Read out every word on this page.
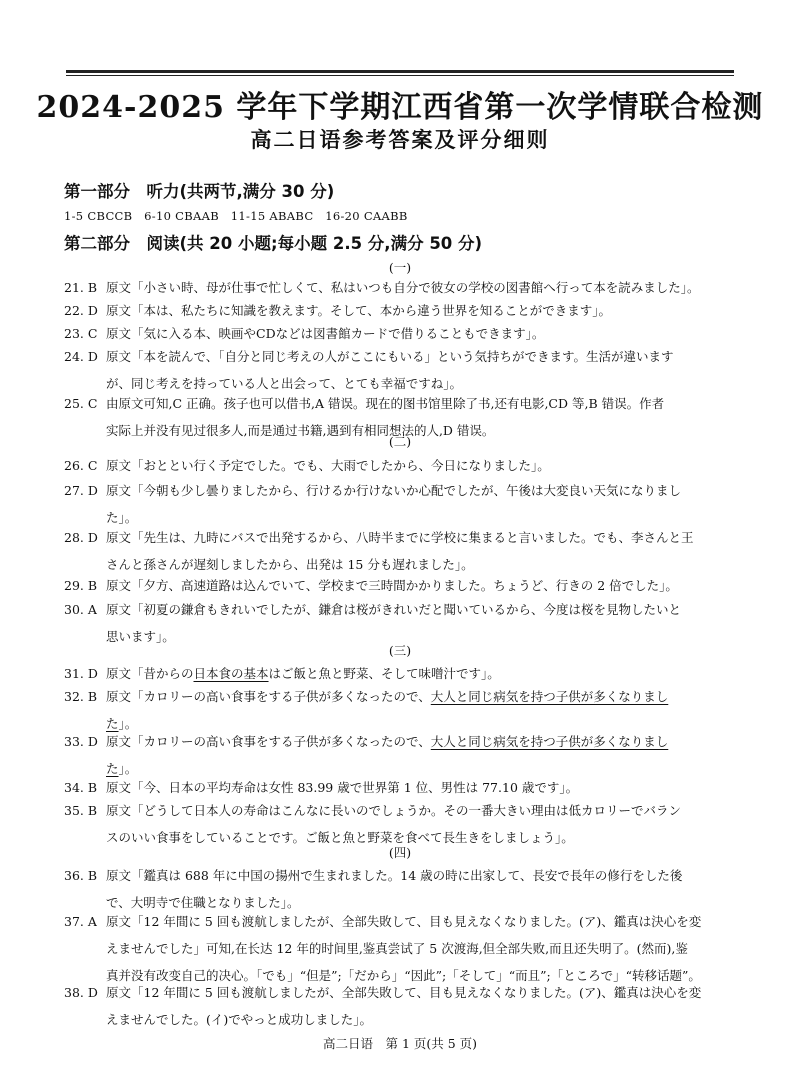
2024-2025 学年下学期江西省第一次学情联合检测
高二日语参考答案及评分细则
第一部分　听力(共两节,满分 30 分)
1-5 CBCCB　6-10 CBAAB　11-15 ABABC　16-20 CAABB
第二部分　阅读(共 20 小题;每小题 2.5 分,满分 50 分)
(一)
21. B 原文「小さい時、母が仕事で忙しくて、私はいつも自分で彼女の学校の図書館へ行って本を読みました」。
22. D 原文「本は、私たちに知識を教えます。そして、本から違う世界を知ることができます」。
23. C 原文「気に入る本、映画やCDなどは図書館カードで借りることもできます」。
24. D 原文「本を読んで、「自分と同じ考えの人がここにもいる」という気持ちができます。生活が違います
が、同じ考えを持っている人と出会って、とても幸福ですね」。
25. C 由原文可知,C 正确。孩子也可以借书,A 错误。现在的图书馆里除了书,还有电影,CD 等,B 错误。作者
实际上并没有见过很多人,而是通过书籍,遇到有相同想法的人,D 错误。
(二)
26. C 原文「おととい行く予定でした。でも、大雨でしたから、今日になりました」。
27. D 原文「今朝も少し曇りましたから、行けるか行けないか心配でしたが、午後は大変良い天気になりまし
た」。
28. D 原文「先生は、九時にバスで出発するから、八時半までに学校に集まると言いました。でも、李さんと王
さんと孫さんが遅刻しましたから、出発は 15 分も遅れました」。
29. B 原文「夕方、高速道路は込んでいて、学校まで三時間かかりました。ちょうど、行きの 2 倍でした」。
30. A 原文「初夏の鎌倉もきれいでしたが、鎌倉は桜がきれいだと聞いているから、今度は桜を見物したいと
思います」。
(三)
31. D 原文「昔からの日本食の基本はご飯と魚と野菜、そして味噌汁です」。
32. B 原文「カロリーの高い食事をする子供が多くなったので、大人と同じ病気を持つ子供が多くなりまし
た」。
33. D 原文「カロリーの高い食事をする子供が多くなったので、大人と同じ病気を持つ子供が多くなりまし
た」。
34. B 原文「今、日本の平均寿命は女性 83.99 歳で世界第 1 位、男性は 77.10 歳です」。
35. B 原文「どうして日本人の寿命はこんなに長いのでしょうか。その一番大きい理由は低カロリーでバラン
スのいい食事をしていることです。ご飯と魚と野菜を食べて長生きをしましょう」。
(四)
36. B 原文「鑑真は 688 年に中国の揚州で生まれました。14 歳の時に出家して、長安で長年の修行をした後
で、大明寺で住職となりました」。
37. A 原文「12 年間に 5 回も渡航しましたが、全部失敗して、目も見えなくなりました。(ア)、鑑真は決心を変
えませんでした」可知,在长达 12 年的时间里,鉴真尝试了 5 次渡海,但全部失败,而且还失明了。(然而),鉴
真并没有改变自己的决心。「でも」“但是”;「だから」“因此”;「そして」“而且”;「ところで」“转移话题”。
38. D 原文「12 年間に 5 回も渡航しましたが、全部失敗して、目も見えなくなりました。(ア)、鑑真は決心を変
えませんでした。(イ)でやっと成功しました」。
高二日语　第 1 页(共 5 页)
